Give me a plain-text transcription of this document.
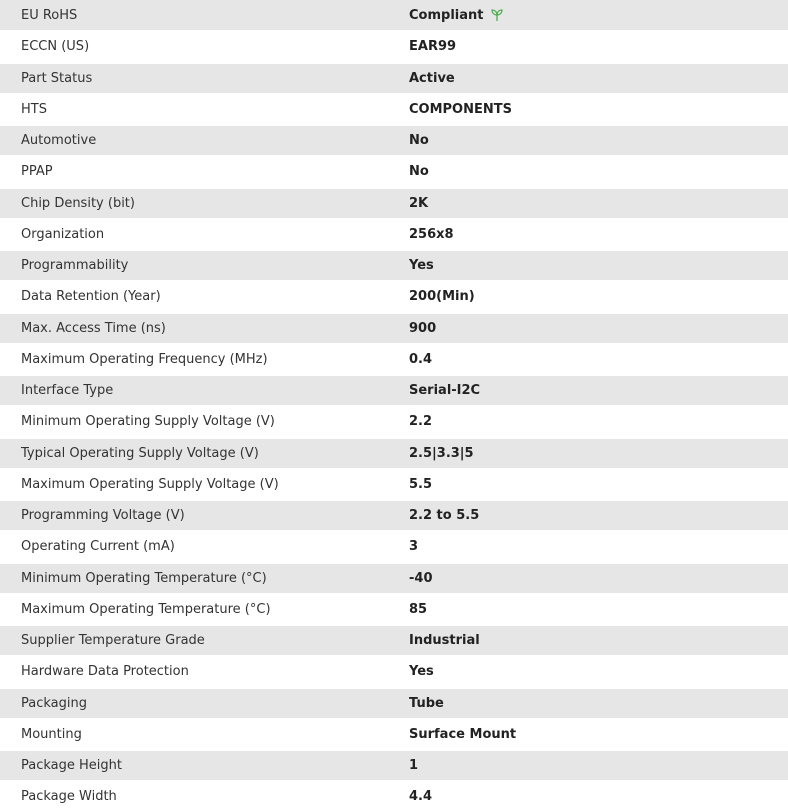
EU RoHS	Compliant
ECCN (US)	EAR99
Part Status	Active
HTS	COMPONENTS
Automotive	No
PPAP	No
Chip Density (bit)	2K
Organization	256x8
Programmability	Yes
Data Retention (Year)	200(Min)
Max. Access Time (ns)	900
Maximum Operating Frequency (MHz)	0.4
Interface Type	Serial-I2C
Minimum Operating Supply Voltage (V)	2.2
Typical Operating Supply Voltage (V)	2.5|3.3|5
Maximum Operating Supply Voltage (V)	5.5
Programming Voltage (V)	2.2 to 5.5
Operating Current (mA)	3
Minimum Operating Temperature (°C)	-40
Maximum Operating Temperature (°C)	85
Supplier Temperature Grade	Industrial
Hardware Data Protection	Yes
Packaging	Tube
Mounting	Surface Mount
Package Height	1
Package Width	4.4
